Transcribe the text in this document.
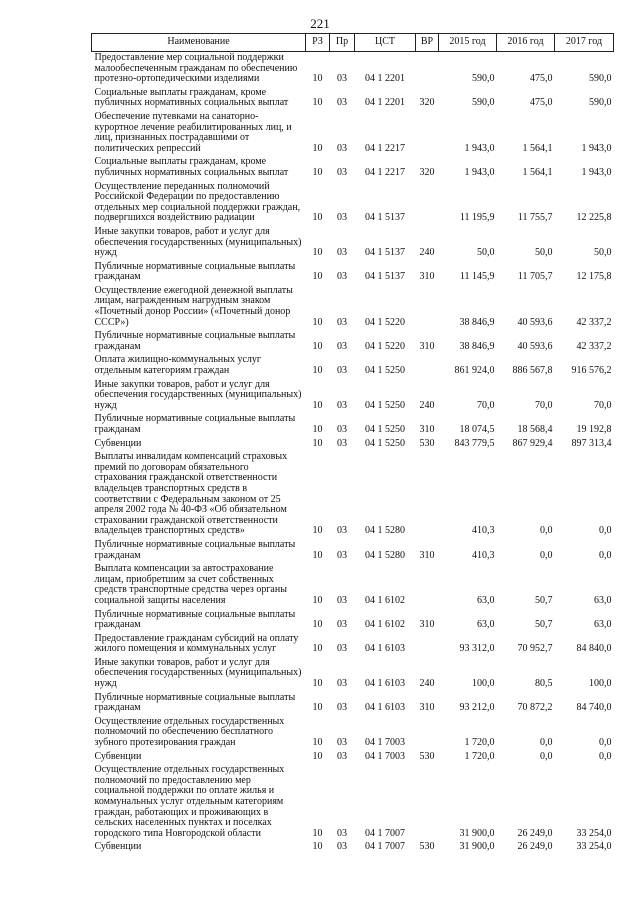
221
Наименование	РЗ	Пр	ЦСТ	ВР	2015 год	2016 год	2017 год
Предоставление мер социальной поддержки малообеспеченным гражданам по обеспечению протезно-ортопедическими изделиями	10	03	04 1 2201		590,0	475,0	590,0
Социальные выплаты гражданам, кроме публичных нормативных социальных выплат	10	03	04 1 2201	320	590,0	475,0	590,0
Обеспечение путевками на санаторно-курортное лечение реабилитированных лиц, и лиц, признанных пострадавшими от политических репрессий	10	03	04 1 2217		1 943,0	1 564,1	1 943,0
Социальные выплаты гражданам, кроме публичных нормативных социальных выплат	10	03	04 1 2217	320	1 943,0	1 564,1	1 943,0
Осуществление переданных полномочий Российской Федерации по предоставлению отдельных мер социальной поддержки граждан, подвергшихся воздействию радиации	10	03	04 1 5137		11 195,9	11 755,7	12 225,8
Иные закупки товаров, работ и услуг для обеспечения государственных (муниципальных) нужд	10	03	04 1 5137	240	50,0	50,0	50,0
Публичные нормативные социальные выплаты гражданам	10	03	04 1 5137	310	11 145,9	11 705,7	12 175,8
Осуществление ежегодной денежной выплаты лицам, награжденным нагрудным знаком «Почетный донор России» («Почетный донор СССР»)	10	03	04 1 5220		38 846,9	40 593,6	42 337,2
Публичные нормативные социальные выплаты гражданам	10	03	04 1 5220	310	38 846,9	40 593,6	42 337,2
Оплата жилищно-коммунальных услуг отдельным категориям граждан	10	03	04 1 5250		861 924,0	886 567,8	916 576,2
Иные закупки товаров, работ и услуг для обеспечения государственных (муниципальных) нужд	10	03	04 1 5250	240	70,0	70,0	70,0
Публичные нормативные социальные выплаты гражданам	10	03	04 1 5250	310	18 074,5	18 568,4	19 192,8
Субвенции	10	03	04 1 5250	530	843 779,5	867 929,4	897 313,4
Выплаты инвалидам компенсаций страховых премий по договорам обязательного страхования гражданской ответственности владельцев транспортных средств в соответствии с Федеральным законом от 25 апреля 2002 года № 40-ФЗ «Об обязательном страховании гражданской ответственности владельцев транспортных средств»	10	03	04 1 5280		410,3	0,0	0,0
Публичные нормативные социальные выплаты гражданам	10	03	04 1 5280	310	410,3	0,0	0,0
Выплата компенсации за автострахование лицам, приобретшим за счет собственных средств транспортные средства через органы социальной защиты населения	10	03	04 1 6102		63,0	50,7	63,0
Публичные нормативные социальные выплаты гражданам	10	03	04 1 6102	310	63,0	50,7	63,0
Предоставление гражданам субсидий на оплату жилого помещения и коммунальных услуг	10	03	04 1 6103		93 312,0	70 952,7	84 840,0
Иные закупки товаров, работ и услуг для обеспечения государственных (муниципальных) нужд	10	03	04 1 6103	240	100,0	80,5	100,0
Публичные нормативные социальные выплаты гражданам	10	03	04 1 6103	310	93 212,0	70 872,2	84 740,0
Осуществление отдельных государственных полномочий по обеспечению бесплатного зубного протезирования граждан	10	03	04 1 7003		1 720,0	0,0	0,0
Субвенции	10	03	04 1 7003	530	1 720,0	0,0	0,0
Осуществление отдельных государственных полномочий по предоставлению мер социальной поддержки по оплате жилья и коммунальных услуг отдельным категориям граждан, работающих и проживающих в сельских населенных пунктах и поселках городского типа Новгородской области	10	03	04 1 7007		31 900,0	26 249,0	33 254,0
Субвенции	10	03	04 1 7007	530	31 900,0	26 249,0	33 254,0
